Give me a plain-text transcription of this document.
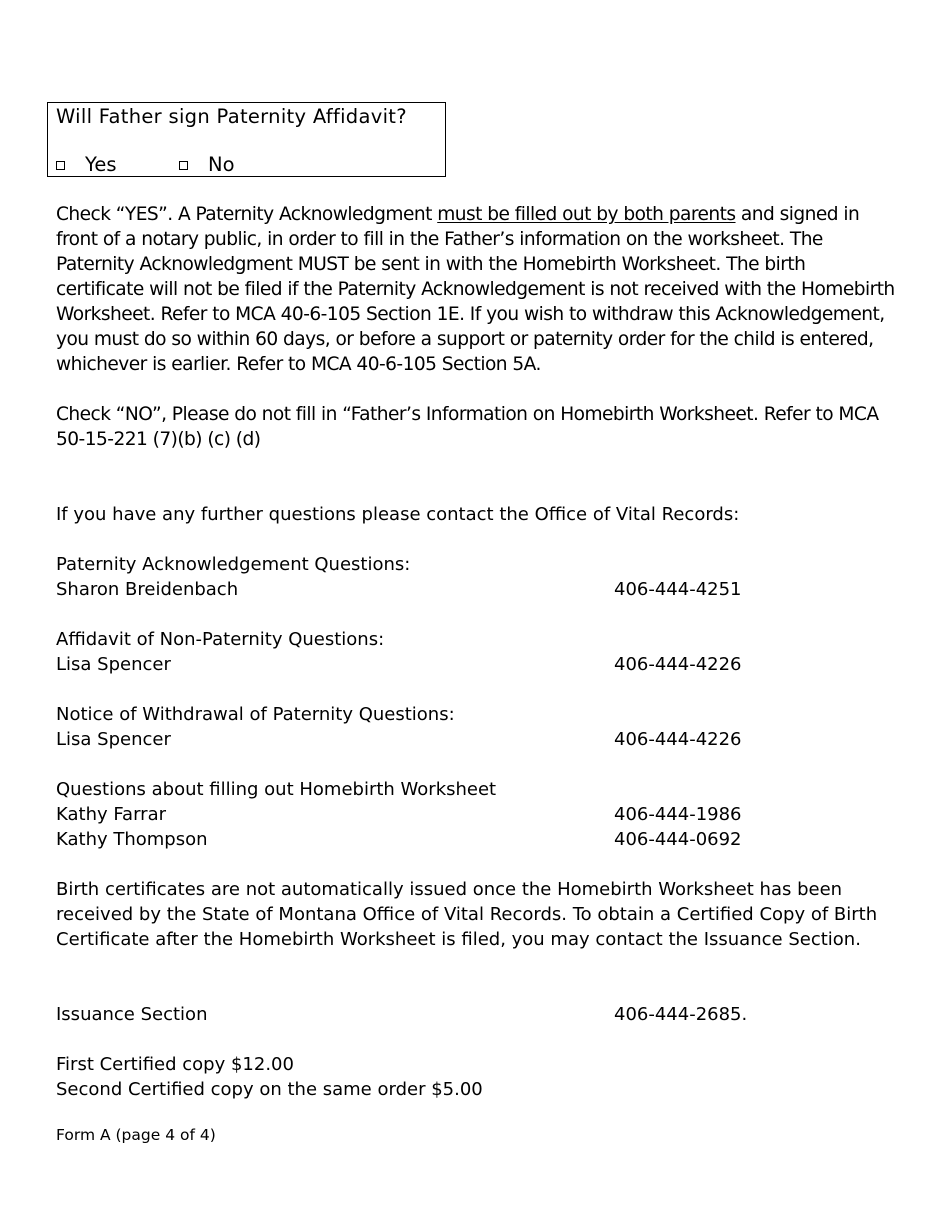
Will Father sign Paternity Affidavit?
Yes	No

Check “YES”. A Paternity Acknowledgment must be filled out by both parents and signed in front of a notary public, in order to fill in the Father’s information on the worksheet. The Paternity Acknowledgment MUST be sent in with the Homebirth Worksheet. The birth certificate will not be filed if the Paternity Acknowledgement is not received with the Homebirth Worksheet. Refer to MCA 40-6-105 Section 1E. If you wish to withdraw this Acknowledgement, you must do so within 60 days, or before a support or paternity order for the child is entered, whichever is earlier. Refer to MCA 40-6-105 Section 5A.

Check “NO”, Please do not fill in “Father’s Information on Homebirth Worksheet. Refer to MCA 50-15-221 (7)(b) (c) (d)

If you have any further questions please contact the Office of Vital Records:
Paternity Acknowledgement Questions:
Sharon Breidenbach	406-444-4251
Affidavit of Non-Paternity Questions:
Lisa Spencer	406-444-4226
Notice of Withdrawal of Paternity Questions:
Lisa Spencer	406-444-4226
Questions about filling out Homebirth Worksheet
Kathy Farrar	406-444-1986
Kathy Thompson	406-444-0692

Birth certificates are not automatically issued once the Homebirth Worksheet has been received by the State of Montana Office of Vital Records. To obtain a Certified Copy of Birth Certificate after the Homebirth Worksheet is filed, you may contact the Issuance Section.

Issuance Section	406-444-2685.
First Certified copy $12.00
Second Certified copy on the same order $5.00
Form A (page 4 of 4)
